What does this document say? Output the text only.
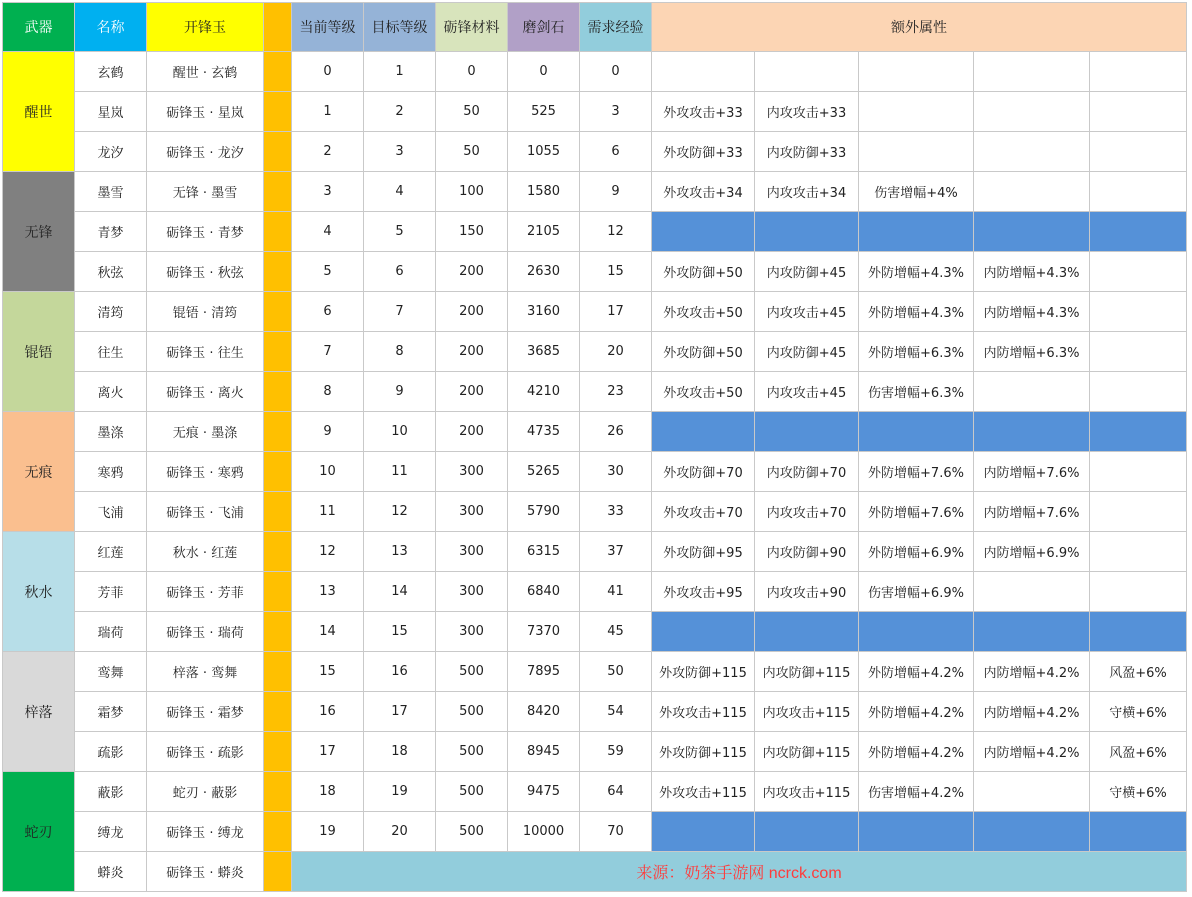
武器	名称	开锋玉		当前等级	目标等级	砺锋材料	磨剑石	需求经验	额外属性				
醒世	玄鹤	醒世 · 玄鹤		0	1	0	0	0					
	星岚	砺锋玉 · 星岚		1	2	50	525	3	外攻攻击+33	内攻攻击+33			
	龙汐	砺锋玉 · 龙汐		2	3	50	1055	6	外攻防御+33	内攻防御+33			
无锋	墨雪	无锋 · 墨雪		3	4	100	1580	9	外攻攻击+34	内攻攻击+34	伤害增幅+4%		
	青梦	砺锋玉 · 青梦		4	5	150	2105	12					
	秋弦	砺锋玉 · 秋弦		5	6	200	2630	15	外攻防御+50	内攻防御+45	外防增幅+4.3%	内防增幅+4.3%	
锟铻	清筠	锟铻 · 清筠		6	7	200	3160	17	外攻攻击+50	内攻攻击+45	外防增幅+4.3%	内防增幅+4.3%	
	往生	砺锋玉 · 往生		7	8	200	3685	20	外攻防御+50	内攻防御+45	外防增幅+6.3%	内防增幅+6.3%	
	离火	砺锋玉 · 离火		8	9	200	4210	23	外攻攻击+50	内攻攻击+45	伤害增幅+6.3%		
无痕	墨涤	无痕 · 墨涤		9	10	200	4735	26					
	寒鸦	砺锋玉 · 寒鸦		10	11	300	5265	30	外攻防御+70	内攻防御+70	外防增幅+7.6%	内防增幅+7.6%	
	飞浦	砺锋玉 · 飞浦		11	12	300	5790	33	外攻攻击+70	内攻攻击+70	外防增幅+7.6%	内防增幅+7.6%	
秋水	红莲	秋水 · 红莲		12	13	300	6315	37	外攻防御+95	内攻防御+90	外防增幅+6.9%	内防增幅+6.9%	
	芳菲	砺锋玉 · 芳菲		13	14	300	6840	41	外攻攻击+95	内攻攻击+90	伤害增幅+6.9%		
	瑞荷	砺锋玉 · 瑞荷		14	15	300	7370	45					
梓落	鸾舞	梓落 · 鸾舞		15	16	500	7895	50	外攻防御+115	内攻防御+115	外防增幅+4.2%	内防增幅+4.2%	风盈+6%
	霜梦	砺锋玉 · 霜梦		16	17	500	8420	54	外攻攻击+115	内攻攻击+115	外防增幅+4.2%	内防增幅+4.2%	守横+6%
	疏影	砺锋玉 · 疏影		17	18	500	8945	59	外攻防御+115	内攻防御+115	外防增幅+4.2%	内防增幅+4.2%	风盈+6%
蛇刃	蔽影	蛇刃 · 蔽影		18	19	500	9475	64	外攻攻击+115	内攻攻击+115	伤害增幅+4.2%		守横+6%
	缚龙	砺锋玉 · 缚龙		19	20	500	10000	70					
	蟒炎	砺锋玉 · 蟒炎		来源：奶茶手游网 ncrck.com									
